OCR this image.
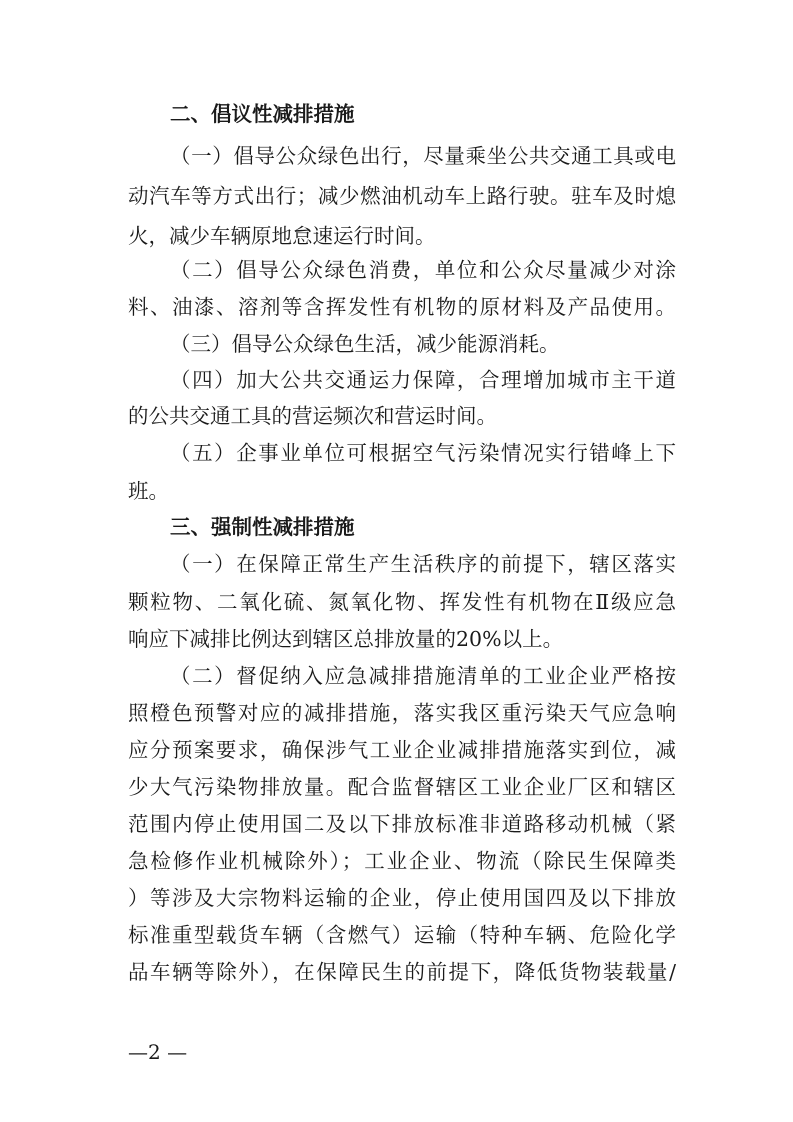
二、倡议性减排措施
（一）倡导公众绿色出行，尽量乘坐公共交通工具或电
动汽车等方式出行；减少燃油机动车上路行驶。驻车及时熄
火，减少车辆原地怠速运行时间。
（二）倡导公众绿色消费，单位和公众尽量减少对涂
料、油漆、溶剂等含挥发性有机物的原材料及产品使用。
（三）倡导公众绿色生活，减少能源消耗。
（四）加大公共交通运力保障，合理增加城市主干道
的公共交通工具的营运频次和营运时间。
（五）企事业单位可根据空气污染情况实行错峰上下
班。
三、强制性减排措施
（一）在保障正常生产生活秩序的前提下，辖区落实
颗粒物、二氧化硫、氮氧化物、挥发性有机物在Ⅱ级应急
响应下减排比例达到辖区总排放量的20%以上。
（二）督促纳入应急减排措施清单的工业企业严格按
照橙色预警对应的减排措施，落实我区重污染天气应急响
应分预案要求，确保涉气工业企业减排措施落实到位，减
少大气污染物排放量。配合监督辖区工业企业厂区和辖区
范围内停止使用国二及以下排放标准非道路移动机械（紧
急检修作业机械除外）；工业企业、物流（除民生保障类
）等涉及大宗物料运输的企业，停止使用国四及以下排放
标准重型载货车辆（含燃气）运输（特种车辆、危险化学
品车辆等除外），在保障民生的前提下，降低货物装载量/
—2 —
